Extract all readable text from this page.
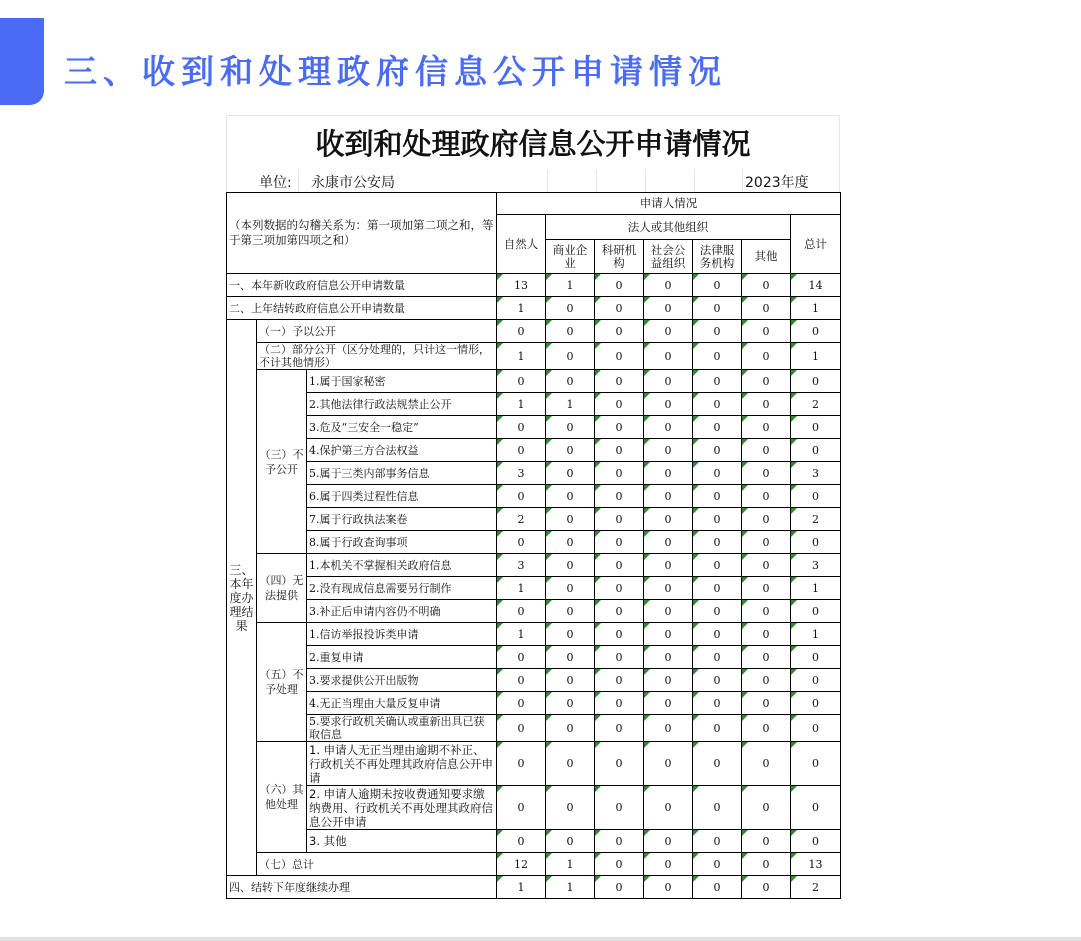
三、收到和处理政府信息公开申请情况
收到和处理政府信息公开申请情况
单位: 永康市公安局	2023年度
（本列数据的勾稽关系为：第一项加第二项之和，等于第三项加第四项之和）			申请人情况						
			自然人	法人或其他组织					总计
				商业企业	科研机构	社会公益组织	法律服务机构	其他	
一、本年新收政府信息公开申请数量			13	1	0	0	0	0	14
二、上年结转政府信息公开申请数量			1	0	0	0	0	0	1
三、本年度办理结果	（一）予以公开		0	0	0	0	0	0	0
	（二）部分公开（区分处理的，只计这一情形，不计其他情形）		1	0	0	0	0	0	1
	（三）不予公开	1.属于国家秘密	0	0	0	0	0	0	0
		2.其他法律行政法规禁止公开	1	1	0	0	0	0	2
		3.危及“三安全一稳定”	0	0	0	0	0	0	0
		4.保护第三方合法权益	0	0	0	0	0	0	0
		5.属于三类内部事务信息	3	0	0	0	0	0	3
		6.属于四类过程性信息	0	0	0	0	0	0	0
		7.属于行政执法案卷	2	0	0	0	0	0	2
		8.属于行政查询事项	0	0	0	0	0	0	0
	（四）无法提供	1.本机关不掌握相关政府信息	3	0	0	0	0	0	3
		2.没有现成信息需要另行制作	1	0	0	0	0	0	1
		3.补正后申请内容仍不明确	0	0	0	0	0	0	0
	（五）不予处理	1.信访举报投诉类申请	1	0	0	0	0	0	1
		2.重复申请	0	0	0	0	0	0	0
		3.要求提供公开出版物	0	0	0	0	0	0	0
		4.无正当理由大量反复申请	0	0	0	0	0	0	0
		5.要求行政机关确认或重新出具已获取信息	0	0	0	0	0	0	0
	（六）其他处理	1. 申请人无正当理由逾期不补正、行政机关不再处理其政府信息公开申请	0	0	0	0	0	0	0
		2. 申请人逾期未按收费通知要求缴纳费用、行政机关不再处理其政府信息公开申请	0	0	0	0	0	0	0
		3. 其他	0	0	0	0	0	0	0
	（七）总计		12	1	0	0	0	0	13
四、结转下年度继续办理			1	1	0	0	0	0	2
